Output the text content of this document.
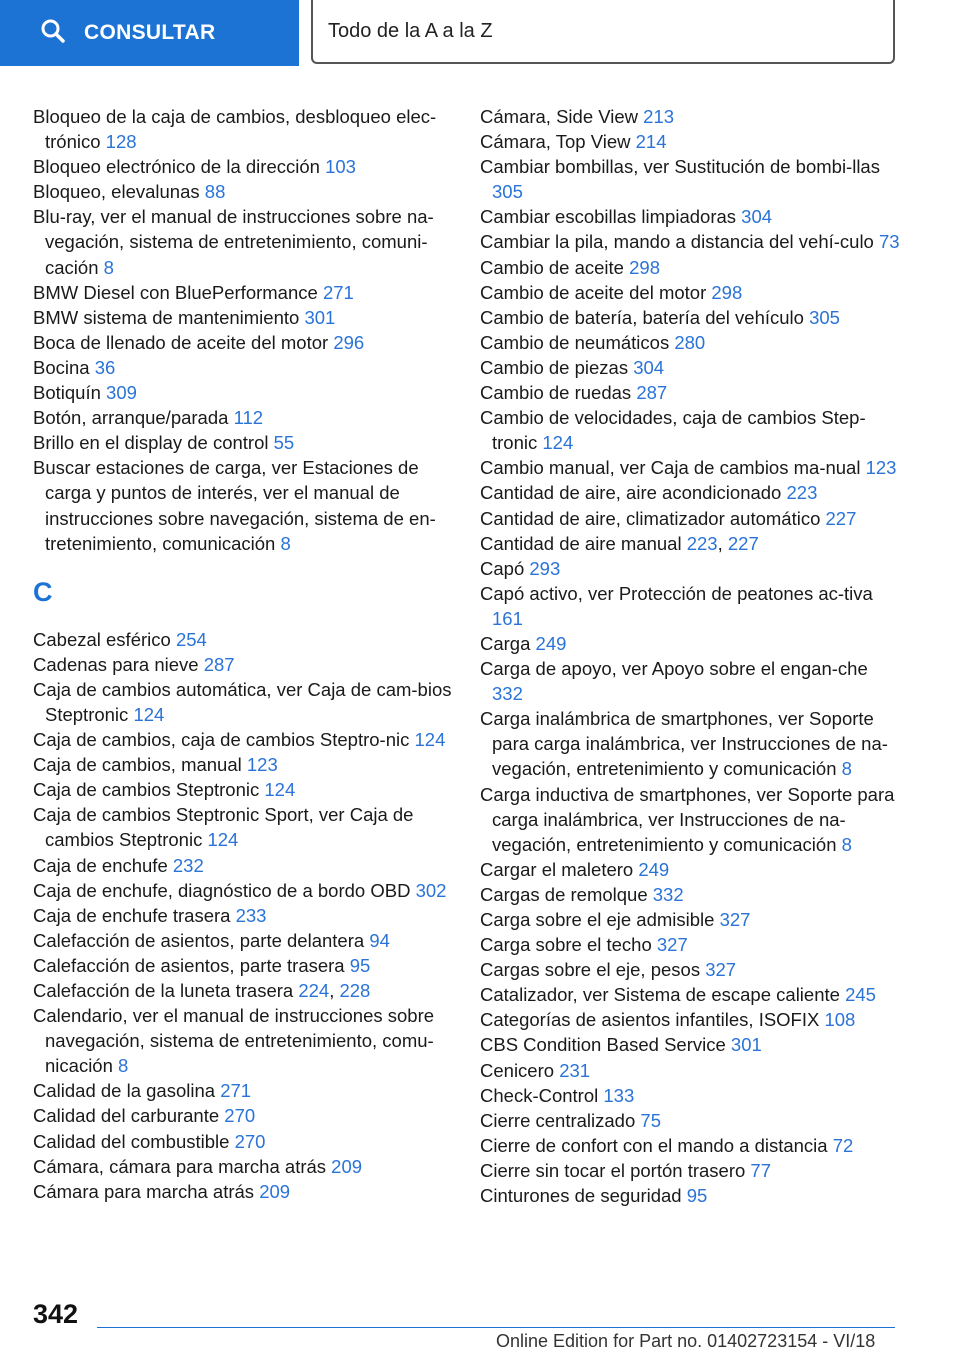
CONSULTAR	Todo de la A a la Z
Bloqueo de la caja de cambios, desbloqueo elec‐trónico 128
Bloqueo electrónico de la dirección 103
Bloqueo, elevalunas 88
Blu-ray, ver el manual de instrucciones sobre na‐vegación, sistema de entretenimiento, comuni‐cación 8
BMW Diesel con BluePerformance 271
BMW sistema de mantenimiento 301
Boca de llenado de aceite del motor 296
Bocina 36
Botiquín 309
Botón, arranque/parada 112
Brillo en el display de control 55
Buscar estaciones de carga, ver Estaciones de carga y puntos de interés, ver el manual de instrucciones sobre navegación, sistema de en‐tretenimiento, comunicación 8
C
Cabezal esférico 254
Cadenas para nieve 287
Caja de cambios automática, ver Caja de cam‐bios Steptronic 124
Caja de cambios, caja de cambios Steptro‐nic 124
Caja de cambios, manual 123
Caja de cambios Steptronic 124
Caja de cambios Steptronic Sport, ver Caja de cambios Steptronic 124
Caja de enchufe 232
Caja de enchufe, diagnóstico de a bordo OBD 302
Caja de enchufe trasera 233
Calefacción de asientos, parte delantera 94
Calefacción de asientos, parte trasera 95
Calefacción de la luneta trasera 224, 228
Calendario, ver el manual de instrucciones sobre navegación, sistema de entretenimiento, comu‐nicación 8
Calidad de la gasolina 271
Calidad del carburante 270
Calidad del combustible 270
Cámara, cámara para marcha atrás 209
Cámara para marcha atrás 209
Cámara, Side View 213
Cámara, Top View 214
Cambiar bombillas, ver Sustitución de bombi‐llas 305
Cambiar escobillas limpiadoras 304
Cambiar la pila, mando a distancia del vehí‐culo 73
Cambio de aceite 298
Cambio de aceite del motor 298
Cambio de batería, batería del vehículo 305
Cambio de neumáticos 280
Cambio de piezas 304
Cambio de ruedas 287
Cambio de velocidades, caja de cambios Step‐tronic 124
Cambio manual, ver Caja de cambios ma‐nual 123
Cantidad de aire, aire acondicionado 223
Cantidad de aire, climatizador automático 227
Cantidad de aire manual 223, 227
Capó 293
Capó activo, ver Protección de peatones ac‐tiva 161
Carga 249
Carga de apoyo, ver Apoyo sobre el engan‐che 332
Carga inalámbrica de smartphones, ver Soporte para carga inalámbrica, ver Instrucciones de na‐vegación, entretenimiento y comunicación 8
Carga inductiva de smartphones, ver Soporte para carga inalámbrica, ver Instrucciones de na‐vegación, entretenimiento y comunicación 8
Cargar el maletero 249
Cargas de remolque 332
Carga sobre el eje admisible 327
Carga sobre el techo 327
Cargas sobre el eje, pesos 327
Catalizador, ver Sistema de escape caliente 245
Categorías de asientos infantiles, ISOFIX 108
CBS Condition Based Service 301
Cenicero 231
Check-Control 133
Cierre centralizado 75
Cierre de confort con el mando a distancia 72
Cierre sin tocar el portón trasero 77
Cinturones de seguridad 95
342
Online Edition for Part no. 01402723154 - VI/18
